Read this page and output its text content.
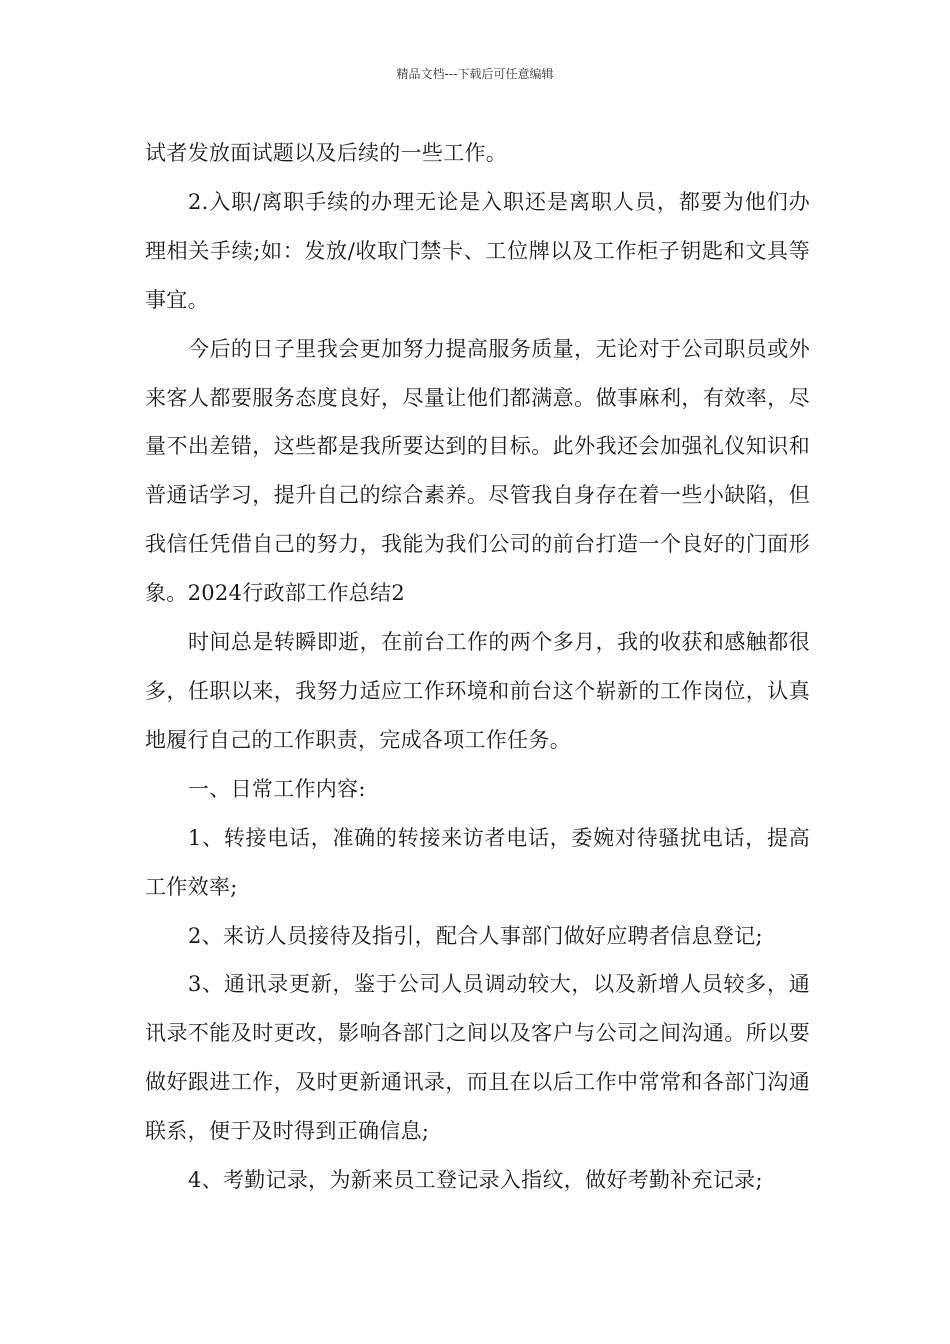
精品文档---下载后可任意编辑

试者发放面试题以及后续的一些工作。

2.入职/离职手续的办理无论是入职还是离职人员，都要为他们办理相关手续;如：发放/收取门禁卡、工位牌以及工作柜子钥匙和文具等事宜。

今后的日子里我会更加努力提高服务质量，无论对于公司职员或外来客人都要服务态度良好，尽量让他们都满意。做事麻利，有效率，尽量不出差错，这些都是我所要达到的目标。此外我还会加强礼仪知识和普通话学习，提升自己的综合素养。尽管我自身存在着一些小缺陷，但我信任凭借自己的努力，我能为我们公司的前台打造一个良好的门面形象。2024行政部工作总结2

时间总是转瞬即逝，在前台工作的两个多月，我的收获和感触都很多，任职以来，我努力适应工作环境和前台这个崭新的工作岗位，认真地履行自己的工作职责，完成各项工作任务。

一、日常工作内容:

1、转接电话，准确的转接来访者电话，委婉对待骚扰电话，提高工作效率;

2、来访人员接待及指引，配合人事部门做好应聘者信息登记;

3、通讯录更新，鉴于公司人员调动较大，以及新增人员较多，通讯录不能及时更改，影响各部门之间以及客户与公司之间沟通。所以要做好跟进工作，及时更新通讯录，而且在以后工作中常常和各部门沟通联系，便于及时得到正确信息;

4、考勤记录，为新来员工登记录入指纹，做好考勤补充记录;
